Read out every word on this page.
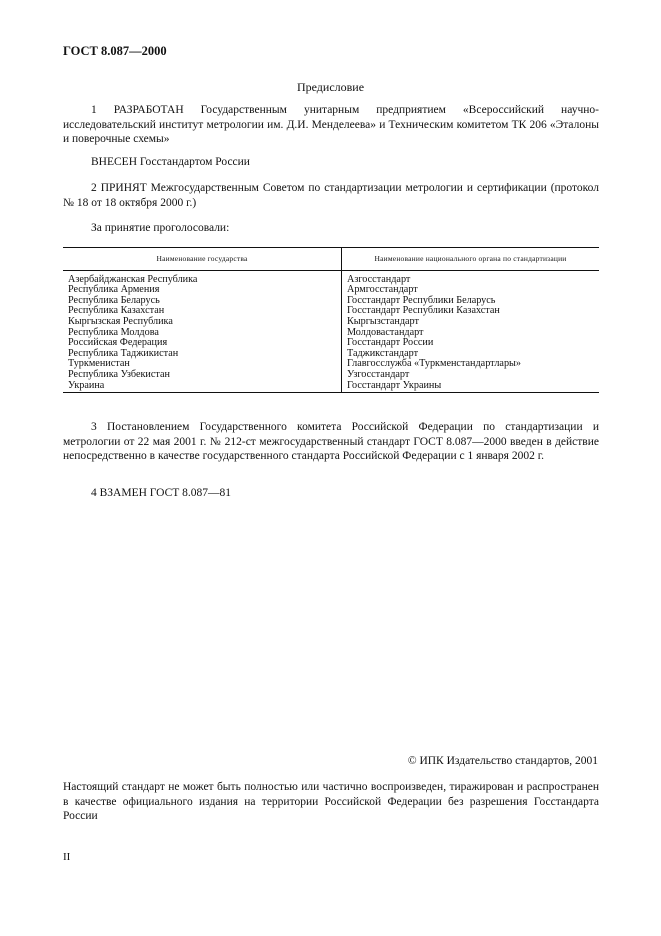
ГОСТ 8.087—2000
Предисловие
1 РАЗРАБОТАН Государственным унитарным предприятием «Всероссийский научно-исследовательский институт метрологии им. Д.И. Менделеева» и Техническим комитетом ТК 206 «Эталоны и поверочные схемы»
ВНЕСЕН Госстандартом России
2 ПРИНЯТ Межгосударственным Советом по стандартизации метрологии и сертификации (протокол № 18 от 18 октября 2000 г.)
За принятие проголосовали:
Наименование государства	Наименование национального органа по стандартизации
Азербайджанская Республика	Азгосстандарт
Республика Армения	Армгосстандарт
Республика Беларусь	Госстандарт Республики Беларусь
Республика Казахстан	Госстандарт Республики Казахстан
Кыргызская Республика	Кыргызстандарт
Республика Молдова	Молдовастандарт
Российская Федерация	Госстандарт России
Республика Таджикистан	Таджикстандарт
Туркменистан	Главгосслужба «Туркменстандартлары»
Республика Узбекистан	Узгосстандарт
Украина	Госстандарт Украины
3 Постановлением Государственного комитета Российской Федерации по стандартизации и метрологии от 22 мая 2001 г. № 212-ст межгосударственный стандарт ГОСТ 8.087—2000 введен в действие непосредственно в качестве государственного стандарта Российской Федерации с 1 января 2002 г.
4 ВЗАМЕН ГОСТ 8.087—81
© ИПК Издательство стандартов, 2001
Настоящий стандарт не может быть полностью или частично воспроизведен, тиражирован и распространен в качестве официального издания на территории Российской Федерации без разрешения Госстандарта России
II
